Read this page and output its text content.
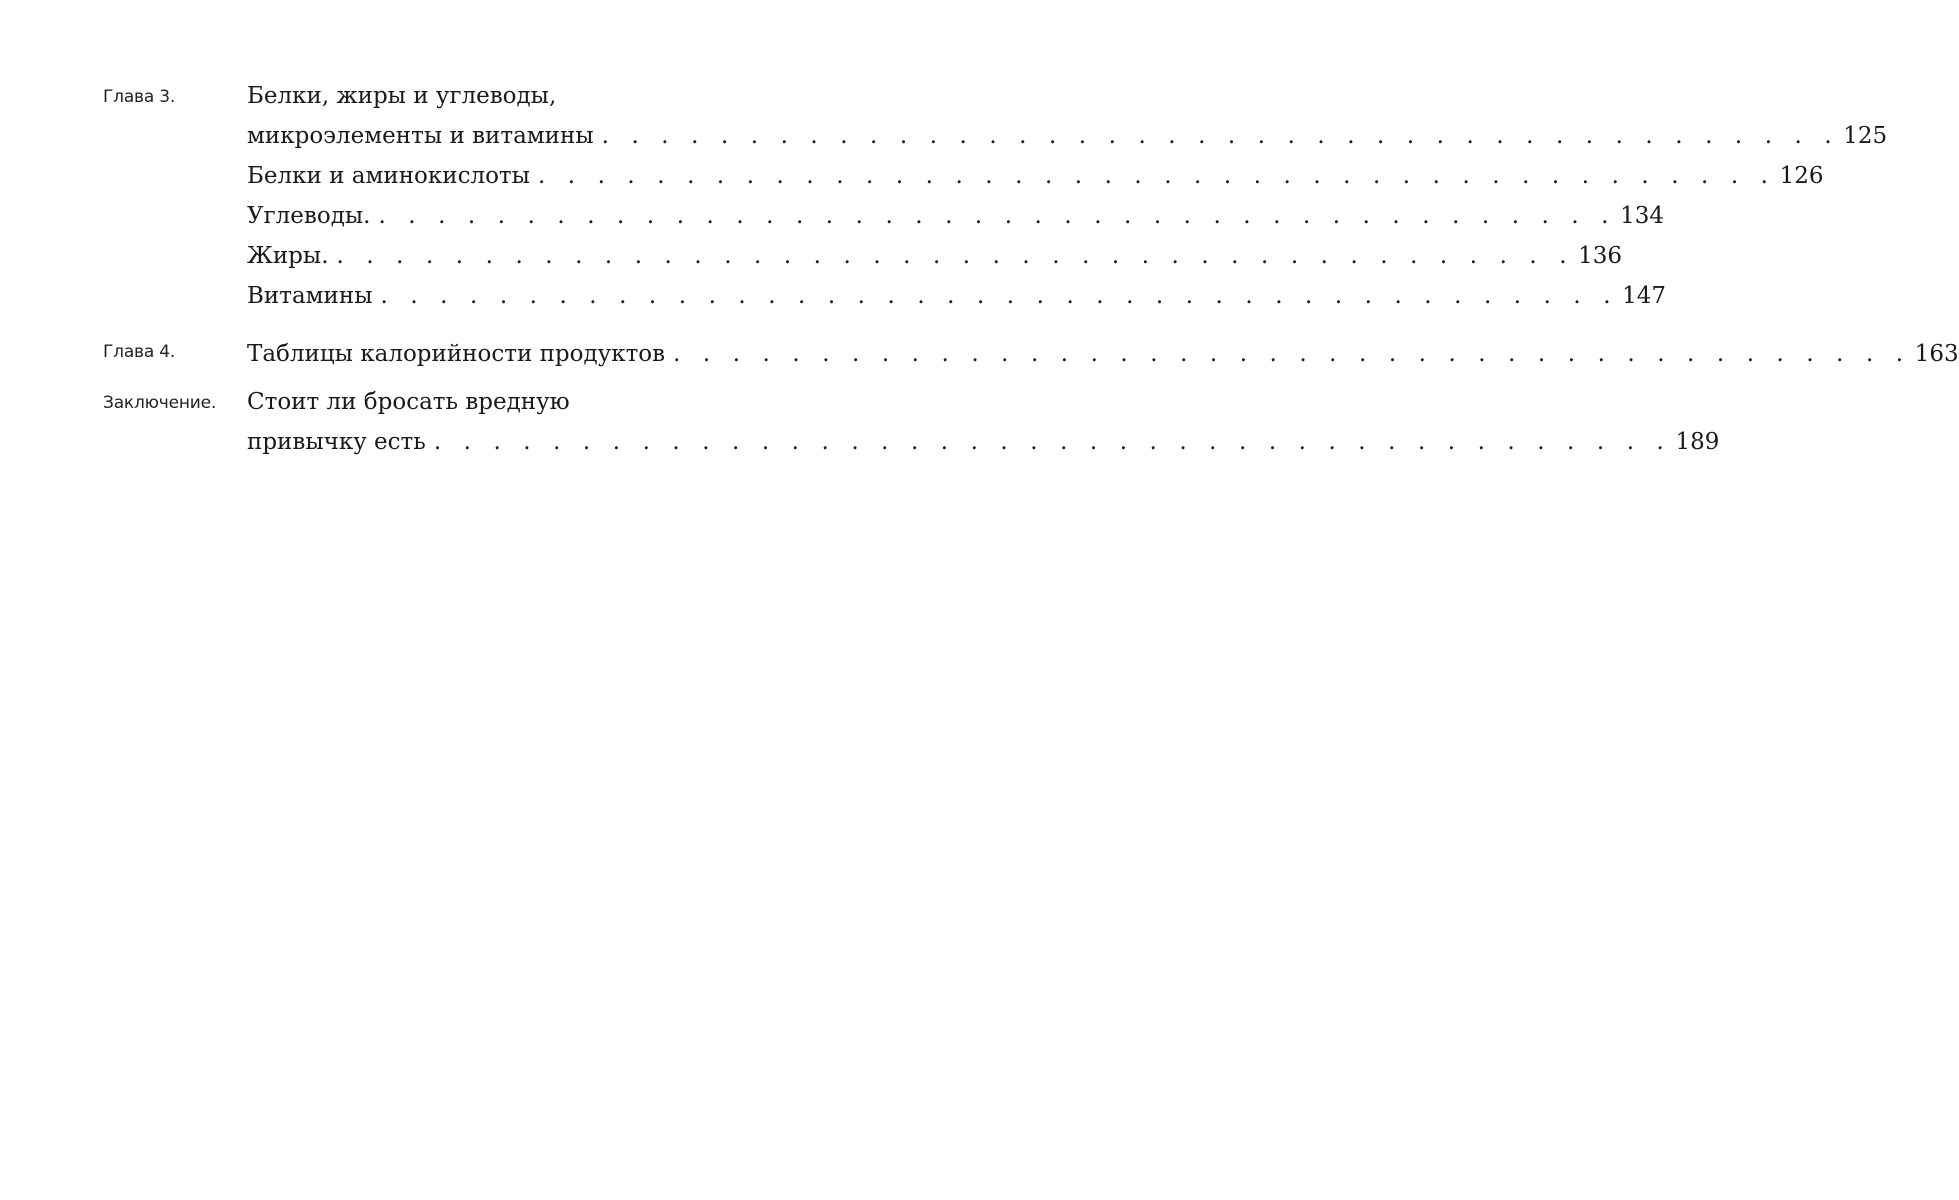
Глава 3.	Белки, жиры и углеводы,
микроэлементы и витамины . . . . . . . . . . . . . . . . . . . . . . . . . . . . . . . . . . . . . . . . . . 125
Белки и аминокислоты . . . . . . . . . . . . . . . . . . . . . . . . . . . . . . . . . . . . . . . . . . 126
Углеводы. . . . . . . . . . . . . . . . . . . . . . . . . . . . . . . . . . . . . . . . . . . 134
Жиры. . . . . . . . . . . . . . . . . . . . . . . . . . . . . . . . . . . . . . . . . . . 136
Витамины . . . . . . . . . . . . . . . . . . . . . . . . . . . . . . . . . . . . . . . . . . 147
Глава 4.	Таблицы калорийности продуктов . . . . . . . . . . . . . . . . . . . . . . . . . . . . . . . . . . . . . . . . . . 163
Заключение. Стоит ли бросать вредную
привычку есть . . . . . . . . . . . . . . . . . . . . . . . . . . . . . . . . . . . . . . . . . . 189
